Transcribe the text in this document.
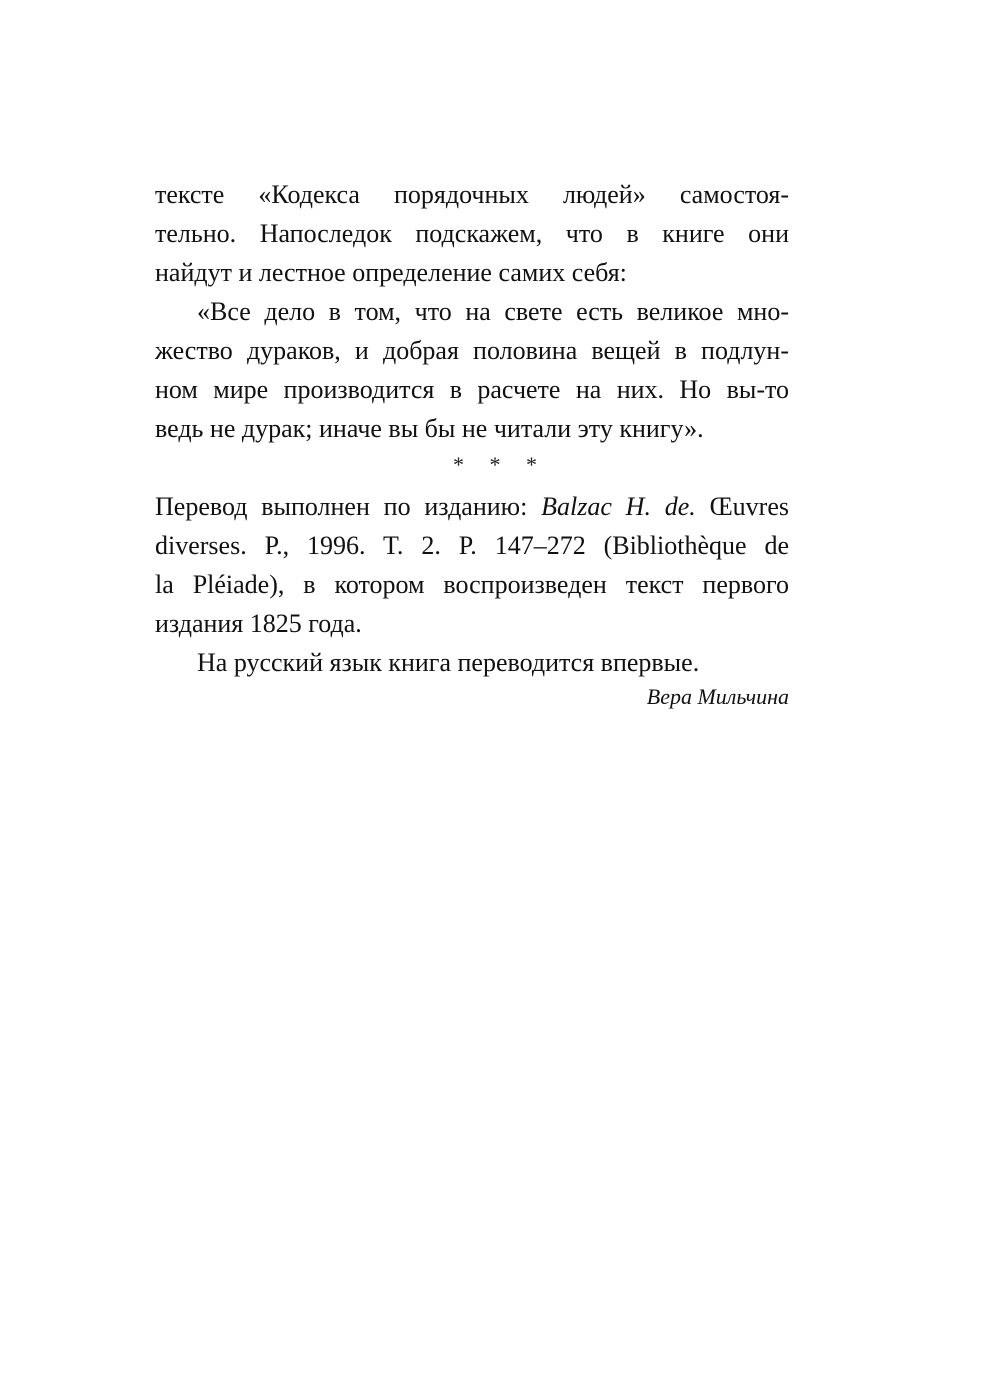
тексте «Кодекса порядочных людей» самостоя-
тельно. Напоследок подскажем, что в книге они
найдут и лестное определение самих себя:
«Все дело в том, что на свете есть великое мно-
жество дураков, и добрая половина вещей в подлун-
ном мире производится в расчете на них. Но вы-то
ведь не дурак; иначе вы бы не читали эту книгу».
* * *
Перевод выполнен по изданию: Balzac H. de. Œuvres
diverses. P., 1996. T. 2. P. 147–272 (Bibliothèque de
la Pléiade), в котором воспроизведен текст первого
издания 1825 года.
На русский язык книга переводится впервые.
Вера Мильчина
